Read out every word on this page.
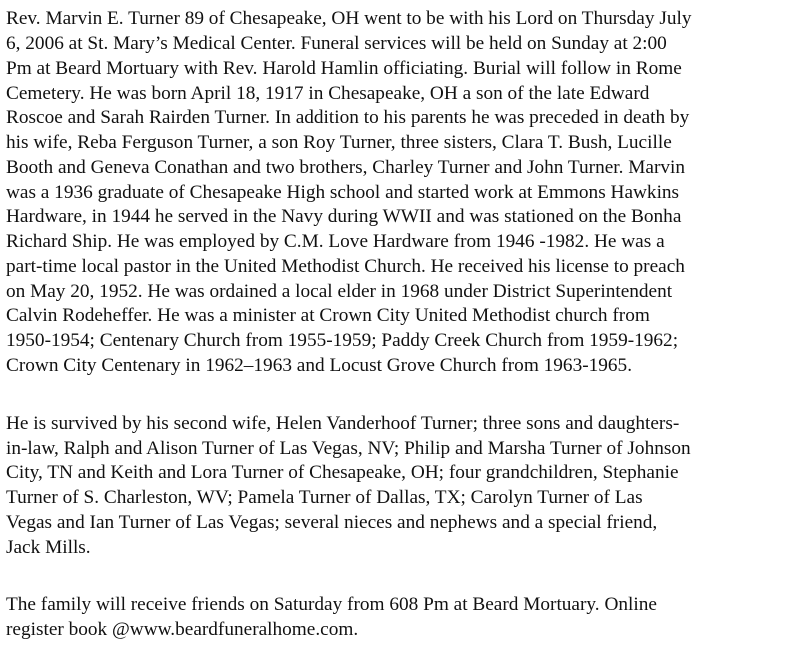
Rev. Marvin E. Turner 89 of Chesapeake, OH went to be with his Lord on Thursday July

6, 2006 at St. Mary’s Medical Center. Funeral services will be held on Sunday at 2:00

Pm at Beard Mortuary with Rev. Harold Hamlin officiating. Burial will follow in Rome

Cemetery. He was born April 18, 1917 in Chesapeake, OH a son of the late Edward

Roscoe and Sarah Rairden Turner. In addition to his parents he was preceded in death by

his wife, Reba Ferguson Turner, a son Roy Turner, three sisters, Clara T. Bush, Lucille

Booth and Geneva Conathan and two brothers, Charley Turner and John Turner. Marvin

was a 1936 graduate of Chesapeake High school and started work at Emmons Hawkins

Hardware, in 1944 he served in the Navy during WWII and was stationed on the Bonha

Richard Ship. He was employed by C.M. Love Hardware from 1946 -1982. He was a

part-time local pastor in the United Methodist Church. He received his license to preach

on May 20, 1952. He was ordained a local elder in 1968 under District Superintendent

Calvin Rodeheffer. He was a minister at Crown City United Methodist church from

1950-1954; Centenary Church from 1955-1959; Paddy Creek Church from 1959-1962;

Crown City Centenary in 1962–1963 and Locust Grove Church from 1963-1965.

He is survived by his second wife, Helen Vanderhoof Turner; three sons and daughters-

in-law, Ralph and Alison Turner of Las Vegas, NV; Philip and Marsha Turner of Johnson

City, TN and Keith and Lora Turner of Chesapeake, OH; four grandchildren, Stephanie

Turner of S. Charleston, WV; Pamela Turner of Dallas, TX; Carolyn Turner of Las

Vegas and Ian Turner of Las Vegas; several nieces and nephews and a special friend,

Jack Mills.

The family will receive friends on Saturday from 608 Pm at Beard Mortuary. Online

register book @www.beardfuneralhome.com.
